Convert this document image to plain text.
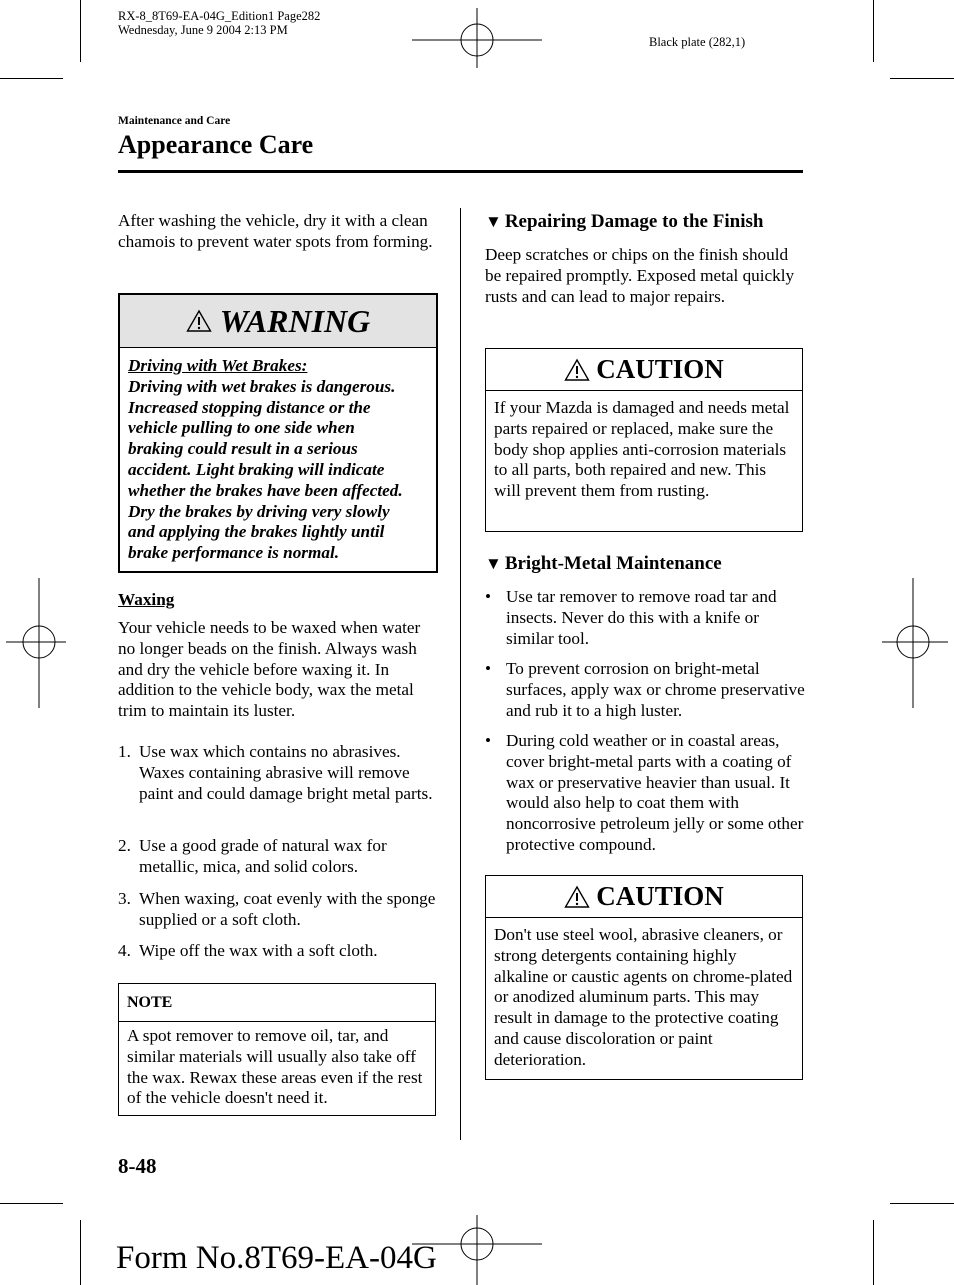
RX-8_8T69-EA-04G_Edition1 Page282
Wednesday, June 9 2004 2:13 PM
Black plate (282,1)
Maintenance and Care
Appearance Care
After washing the vehicle, dry it with a clean chamois to prevent water spots from forming.
WARNING
Driving with Wet Brakes:
Driving with wet brakes is dangerous.
Increased stopping distance or the
vehicle pulling to one side when
braking could result in a serious
accident. Light braking will indicate
whether the brakes have been affected.
Dry the brakes by driving very slowly
and applying the brakes lightly until
brake performance is normal.
Waxing
Your vehicle needs to be waxed when water no longer beads on the finish. Always wash and dry the vehicle before waxing it. In addition to the vehicle body, wax the metal trim to maintain its luster.
1. Use wax which contains no abrasives. Waxes containing abrasive will remove paint and could damage bright metal parts.
2. Use a good grade of natural wax for metallic, mica, and solid colors.
3. When waxing, coat evenly with the sponge supplied or a soft cloth.
4. Wipe off the wax with a soft cloth.
NOTE
A spot remover to remove oil, tar, and similar materials will usually also take off the wax. Rewax these areas even if the rest of the vehicle doesn't need it.
▼ Repairing Damage to the Finish
Deep scratches or chips on the finish should be repaired promptly. Exposed metal quickly rusts and can lead to major repairs.
CAUTION
If your Mazda is damaged and needs metal parts repaired or replaced, make sure the body shop applies anti-corrosion materials to all parts, both repaired and new. This will prevent them from rusting.
▼ Bright-Metal Maintenance
• Use tar remover to remove road tar and insects. Never do this with a knife or similar tool.
• To prevent corrosion on bright-metal surfaces, apply wax or chrome preservative and rub it to a high luster.
• During cold weather or in coastal areas, cover bright-metal parts with a coating of wax or preservative heavier than usual. It would also help to coat them with noncorrosive petroleum jelly or some other protective compound.
CAUTION
Don't use steel wool, abrasive cleaners, or strong detergents containing highly alkaline or caustic agents on chrome-plated or anodized aluminum parts. This may result in damage to the protective coating and cause discoloration or paint deterioration.
8-48
Form No.8T69-EA-04G
